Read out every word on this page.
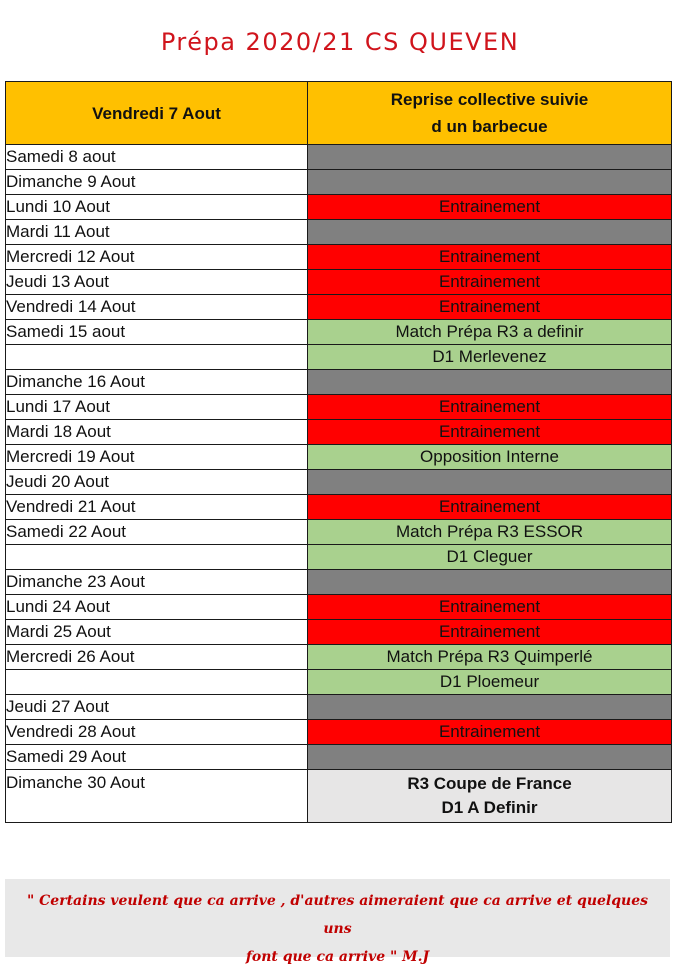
Prépa 2020/21 CS QUEVEN
Vendredi 7 Aout	Reprise collective suivie
d un barbecue
Samedi 8 aout	
Dimanche 9 Aout	
Lundi 10 Aout	Entrainement
Mardi 11 Aout	
Mercredi 12 Aout	Entrainement
Jeudi 13 Aout	Entrainement
Vendredi 14 Aout	Entrainement
Samedi 15 aout	Match Prépa R3 a definir
	D1 Merlevenez
Dimanche 16 Aout	
Lundi 17 Aout	Entrainement
Mardi 18 Aout	Entrainement
Mercredi 19 Aout	Opposition Interne
Jeudi 20 Aout	
Vendredi 21 Aout	Entrainement
Samedi 22 Aout	Match Prépa R3 ESSOR
	D1 Cleguer
Dimanche 23 Aout	
Lundi 24 Aout	Entrainement
Mardi 25 Aout	Entrainement
Mercredi 26 Aout	Match Prépa R3 Quimperlé
	D1 Ploemeur
Jeudi 27 Aout	
Vendredi 28 Aout	Entrainement
Samedi 29 Aout	
Dimanche 30 Aout	R3 Coupe de France
D1 A Definir
" Certains veulent que ca arrive , d'autres aimeraient que ca arrive et quelques uns
font que ca arrive " M.J
